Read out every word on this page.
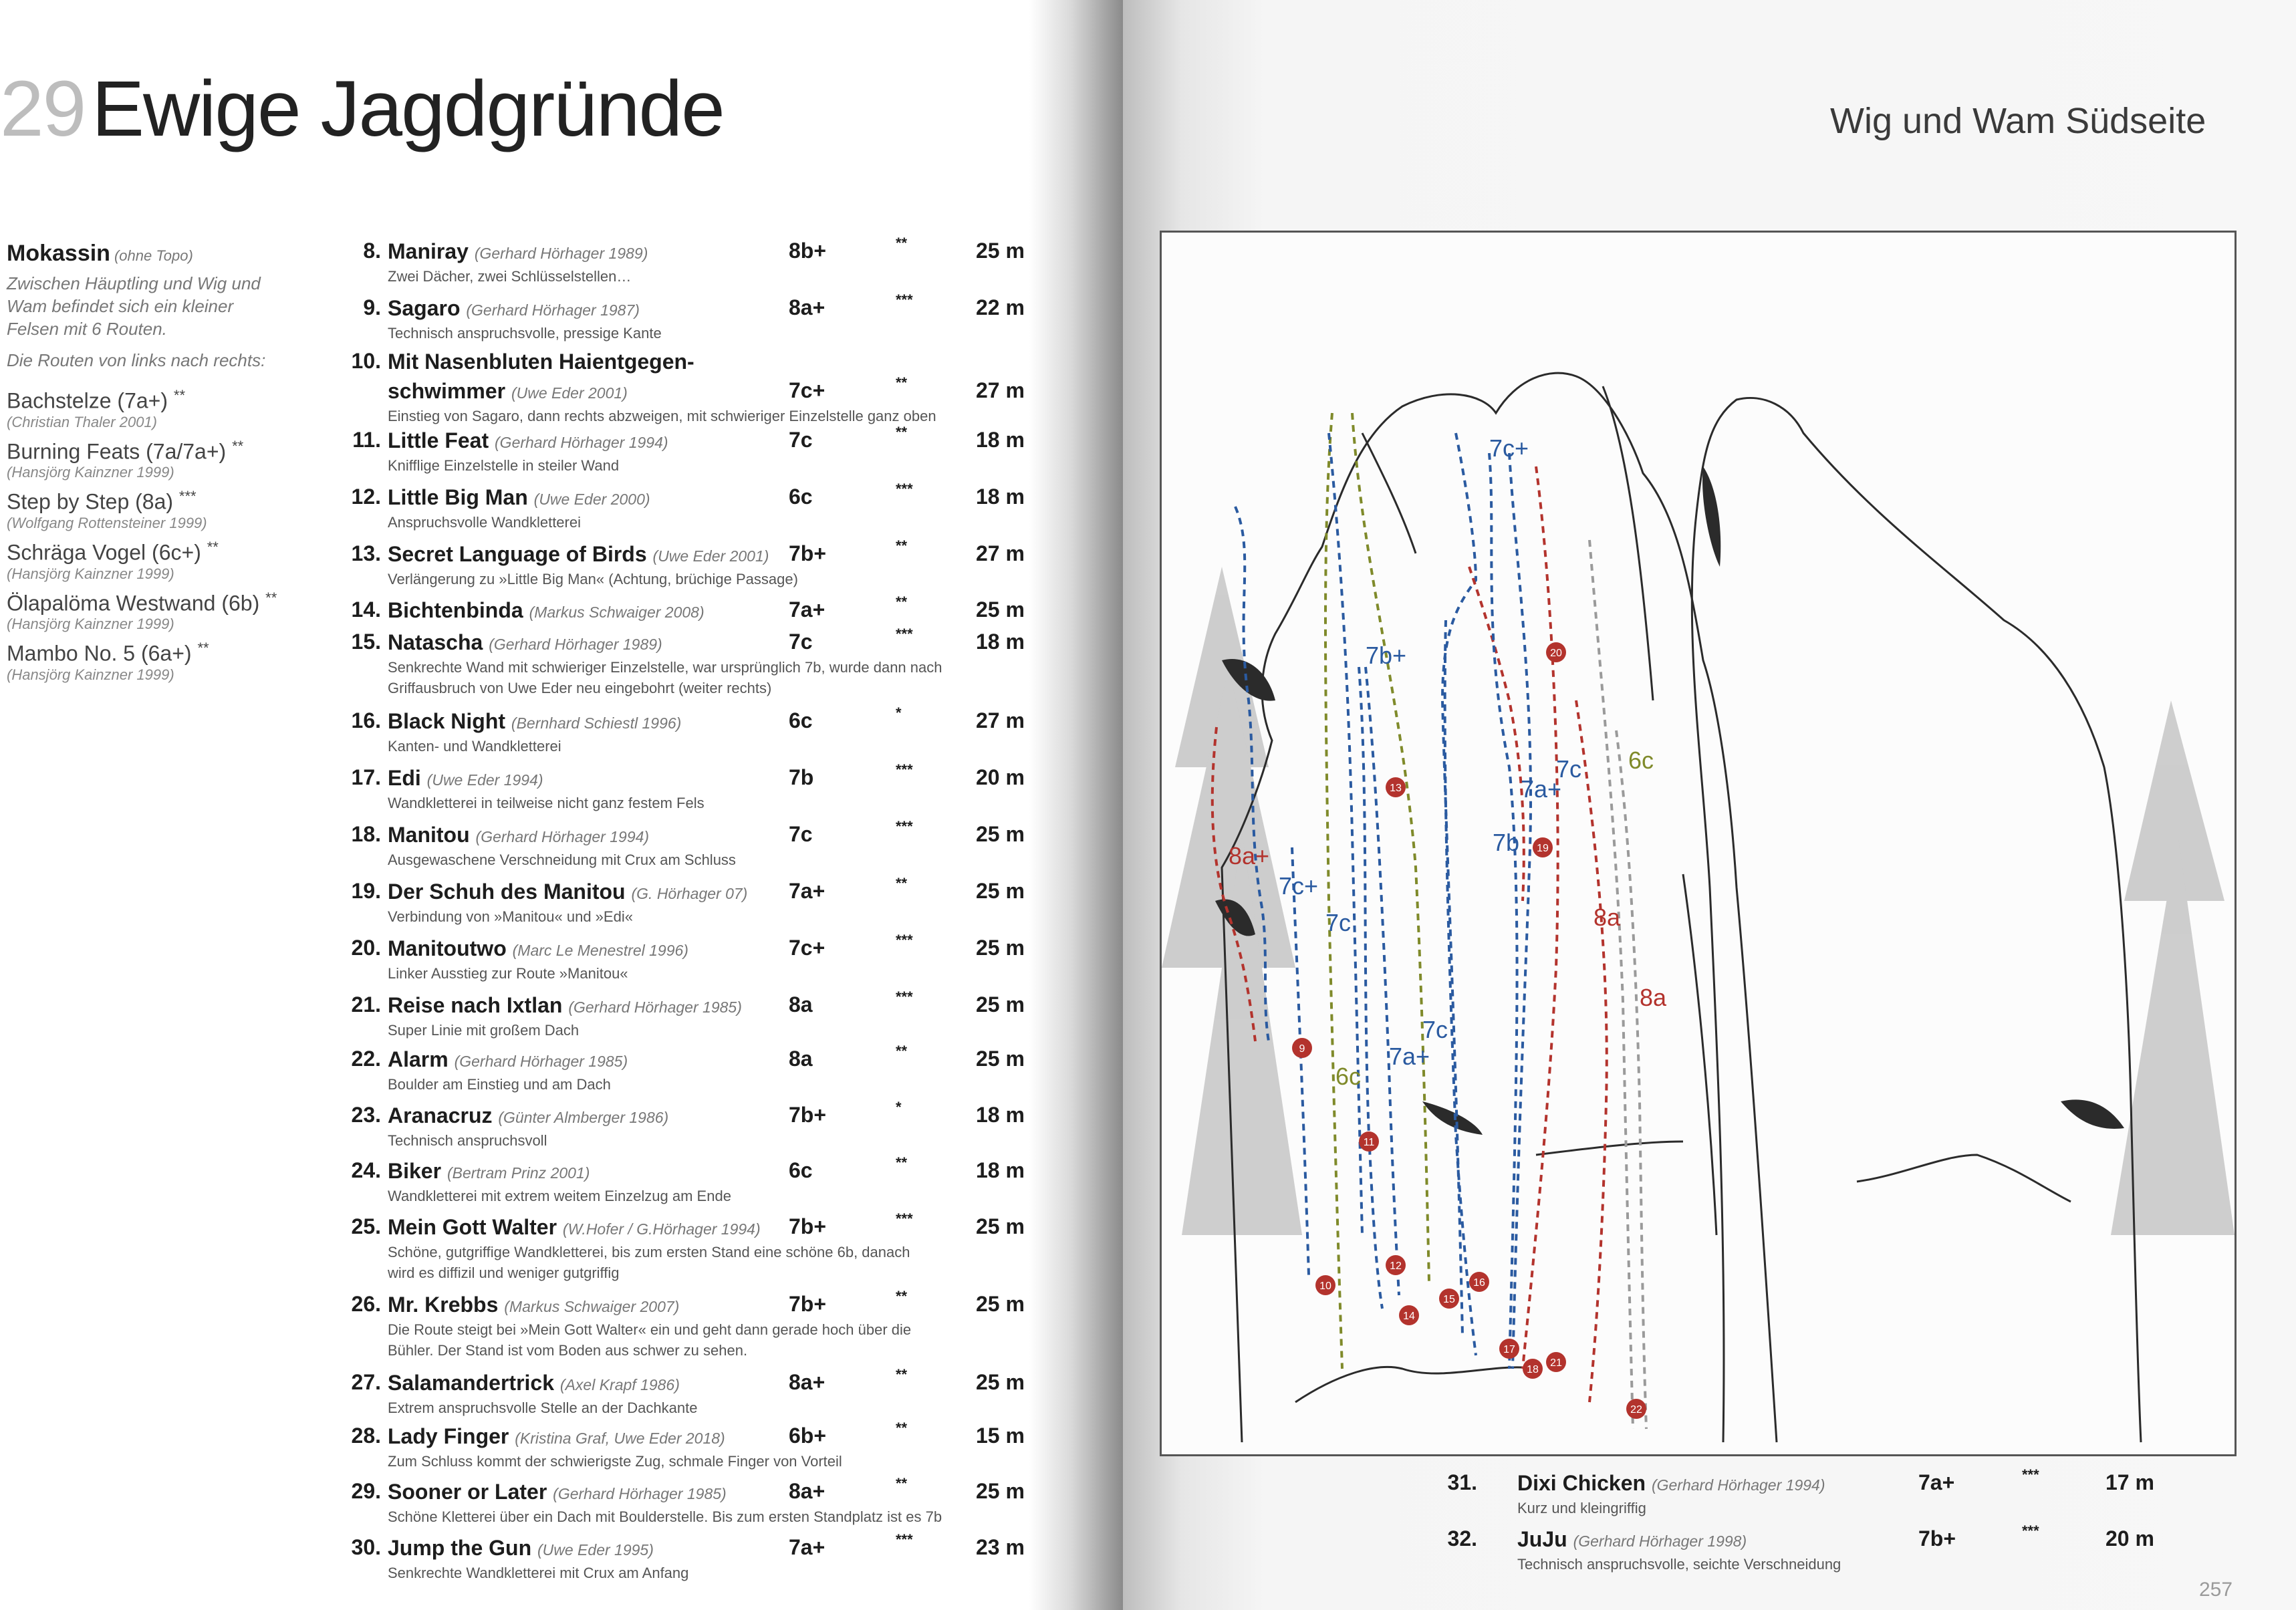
29Ewige Jagdgründe	Wig und Wam Südseite
Mokassin (ohne Topo)
Zwischen Häuptling und Wig und Wam befindet sich ein kleiner Felsen mit 6 Routen.
Die Routen von links nach rechts:
Bachstelze (7a+) **
(Christian Thaler 2001)
Burning Feats (7a/7a+) **
(Hansjörg Kainzner 1999)
Step by Step (8a) ***
(Wolfgang Rottensteiner 1999)
Schräga Vogel (6c+) **
(Hansjörg Kainzner 1999)
Ölapalöma Westwand (6b) **
(Hansjörg Kainzner 1999)
Mambo No. 5 (6a+) **
(Hansjörg Kainzner 1999)
8. Maniray (Gerhard Hörhager 1989)	8b+	**	25 m
Zwei Dächer, zwei Schlüsselstellen…
9. Sagaro (Gerhard Hörhager 1987)	8a+	***	22 m
Technisch anspruchsvolle, pressige Kante
10. Mit Nasenbluten Haientgegen-
schwimmer (Uwe Eder 2001)	7c+	**	27 m
Einstieg von Sagaro, dann rechts abzweigen, mit schwieriger Einzelstelle ganz oben
11. Little Feat (Gerhard Hörhager 1994)	7c	**	18 m
Knifflige Einzelstelle in steiler Wand
12. Little Big Man (Uwe Eder 2000)	6c	***	18 m
Anspruchsvolle Wandkletterei
13. Secret Language of Birds (Uwe Eder 2001) 7b+	**	27 m
Verlängerung zu »Little Big Man« (Achtung, brüchige Passage)
14. Bichtenbinda (Markus Schwaiger 2008)	7a+	**	25 m
15. Natascha (Gerhard Hörhager 1989)	7c	***	18 m
Senkrechte Wand mit schwieriger Einzelstelle, war ursprünglich 7b, wurde dann nach
Griffausbruch von Uwe Eder neu eingebohrt (weiter rechts)
16. Black Night (Bernhard Schiestl 1996)	6c	*	27 m
Kanten- und Wandkletterei
17. Edi (Uwe Eder 1994)	7b	***	20 m
Wandkletterei in teilweise nicht ganz festem Fels
18. Manitou (Gerhard Hörhager 1994)	7c	***	25 m
Ausgewaschene Verschneidung mit Crux am Schluss
19. Der Schuh des Manitou (G. Hörhager 07) 7a+	**	25 m
Verbindung von »Manitou« und »Edi«
20. Manitoutwo (Marc Le Menestrel 1996)	7c+	***	25 m
Linker Ausstieg zur Route »Manitou«
21. Reise nach Ixtlan (Gerhard Hörhager 1985) 8a	***	25 m
Super Linie mit großem Dach
22. Alarm (Gerhard Hörhager 1985)	8a	**	25 m
Boulder am Einstieg und am Dach
23. Aranacruz (Günter Almberger 1986)	7b+	*	18 m
Technisch anspruchsvoll
24. Biker (Bertram Prinz 2001)	6c	**	18 m
Wandkletterei mit extrem weitem Einzelzug am Ende
25. Mein Gott Walter (W.Hofer / G.Hörhager 1994) 7b+	***	25 m
Schöne, gutgriffige Wandkletterei, bis zum ersten Stand eine schöne 6b, danach
wird es diffizil und weniger gutgriffig
26. Mr. Krebbs (Markus Schwaiger 2007)	7b+	**	25 m
Die Route steigt bei »Mein Gott Walter« ein und geht dann gerade hoch über die
Bühler. Der Stand ist vom Boden aus schwer zu sehen.
27. Salamandertrick (Axel Krapf 1986)	8a+	**	25 m
Extrem anspruchsvolle Stelle an der Dachkante
28. Lady Finger (Kristina Graf, Uwe Eder 2018)	6b+	**	15 m
Zum Schluss kommt der schwierigste Zug, schmale Finger von Vorteil
29. Sooner or Later (Gerhard Hörhager 1985)	8a+	**	25 m
Schöne Kletterei über ein Dach mit Boulderstelle. Bis zum ersten Standplatz ist es 7b
30. Jump the Gun (Uwe Eder 1995)	7a+	***	23 m
Senkrechte Wandkletterei mit Crux am Anfang
31. Dixi Chicken (Gerhard Hörhager 1994)	7a+	***	17 m
Kurz und kleingriffig
32. JuJu (Gerhard Hörhager 1998)	7b+	***	20 m
Technisch anspruchsvolle, seichte Verschneidung
8a+
7c+
7c
6c
7b+
6c
7a+
7c
7c+
7a+
7c
7b
8a
8a
9
10
11
12
13
14
15
16
17
18
19
20
21
22
257
